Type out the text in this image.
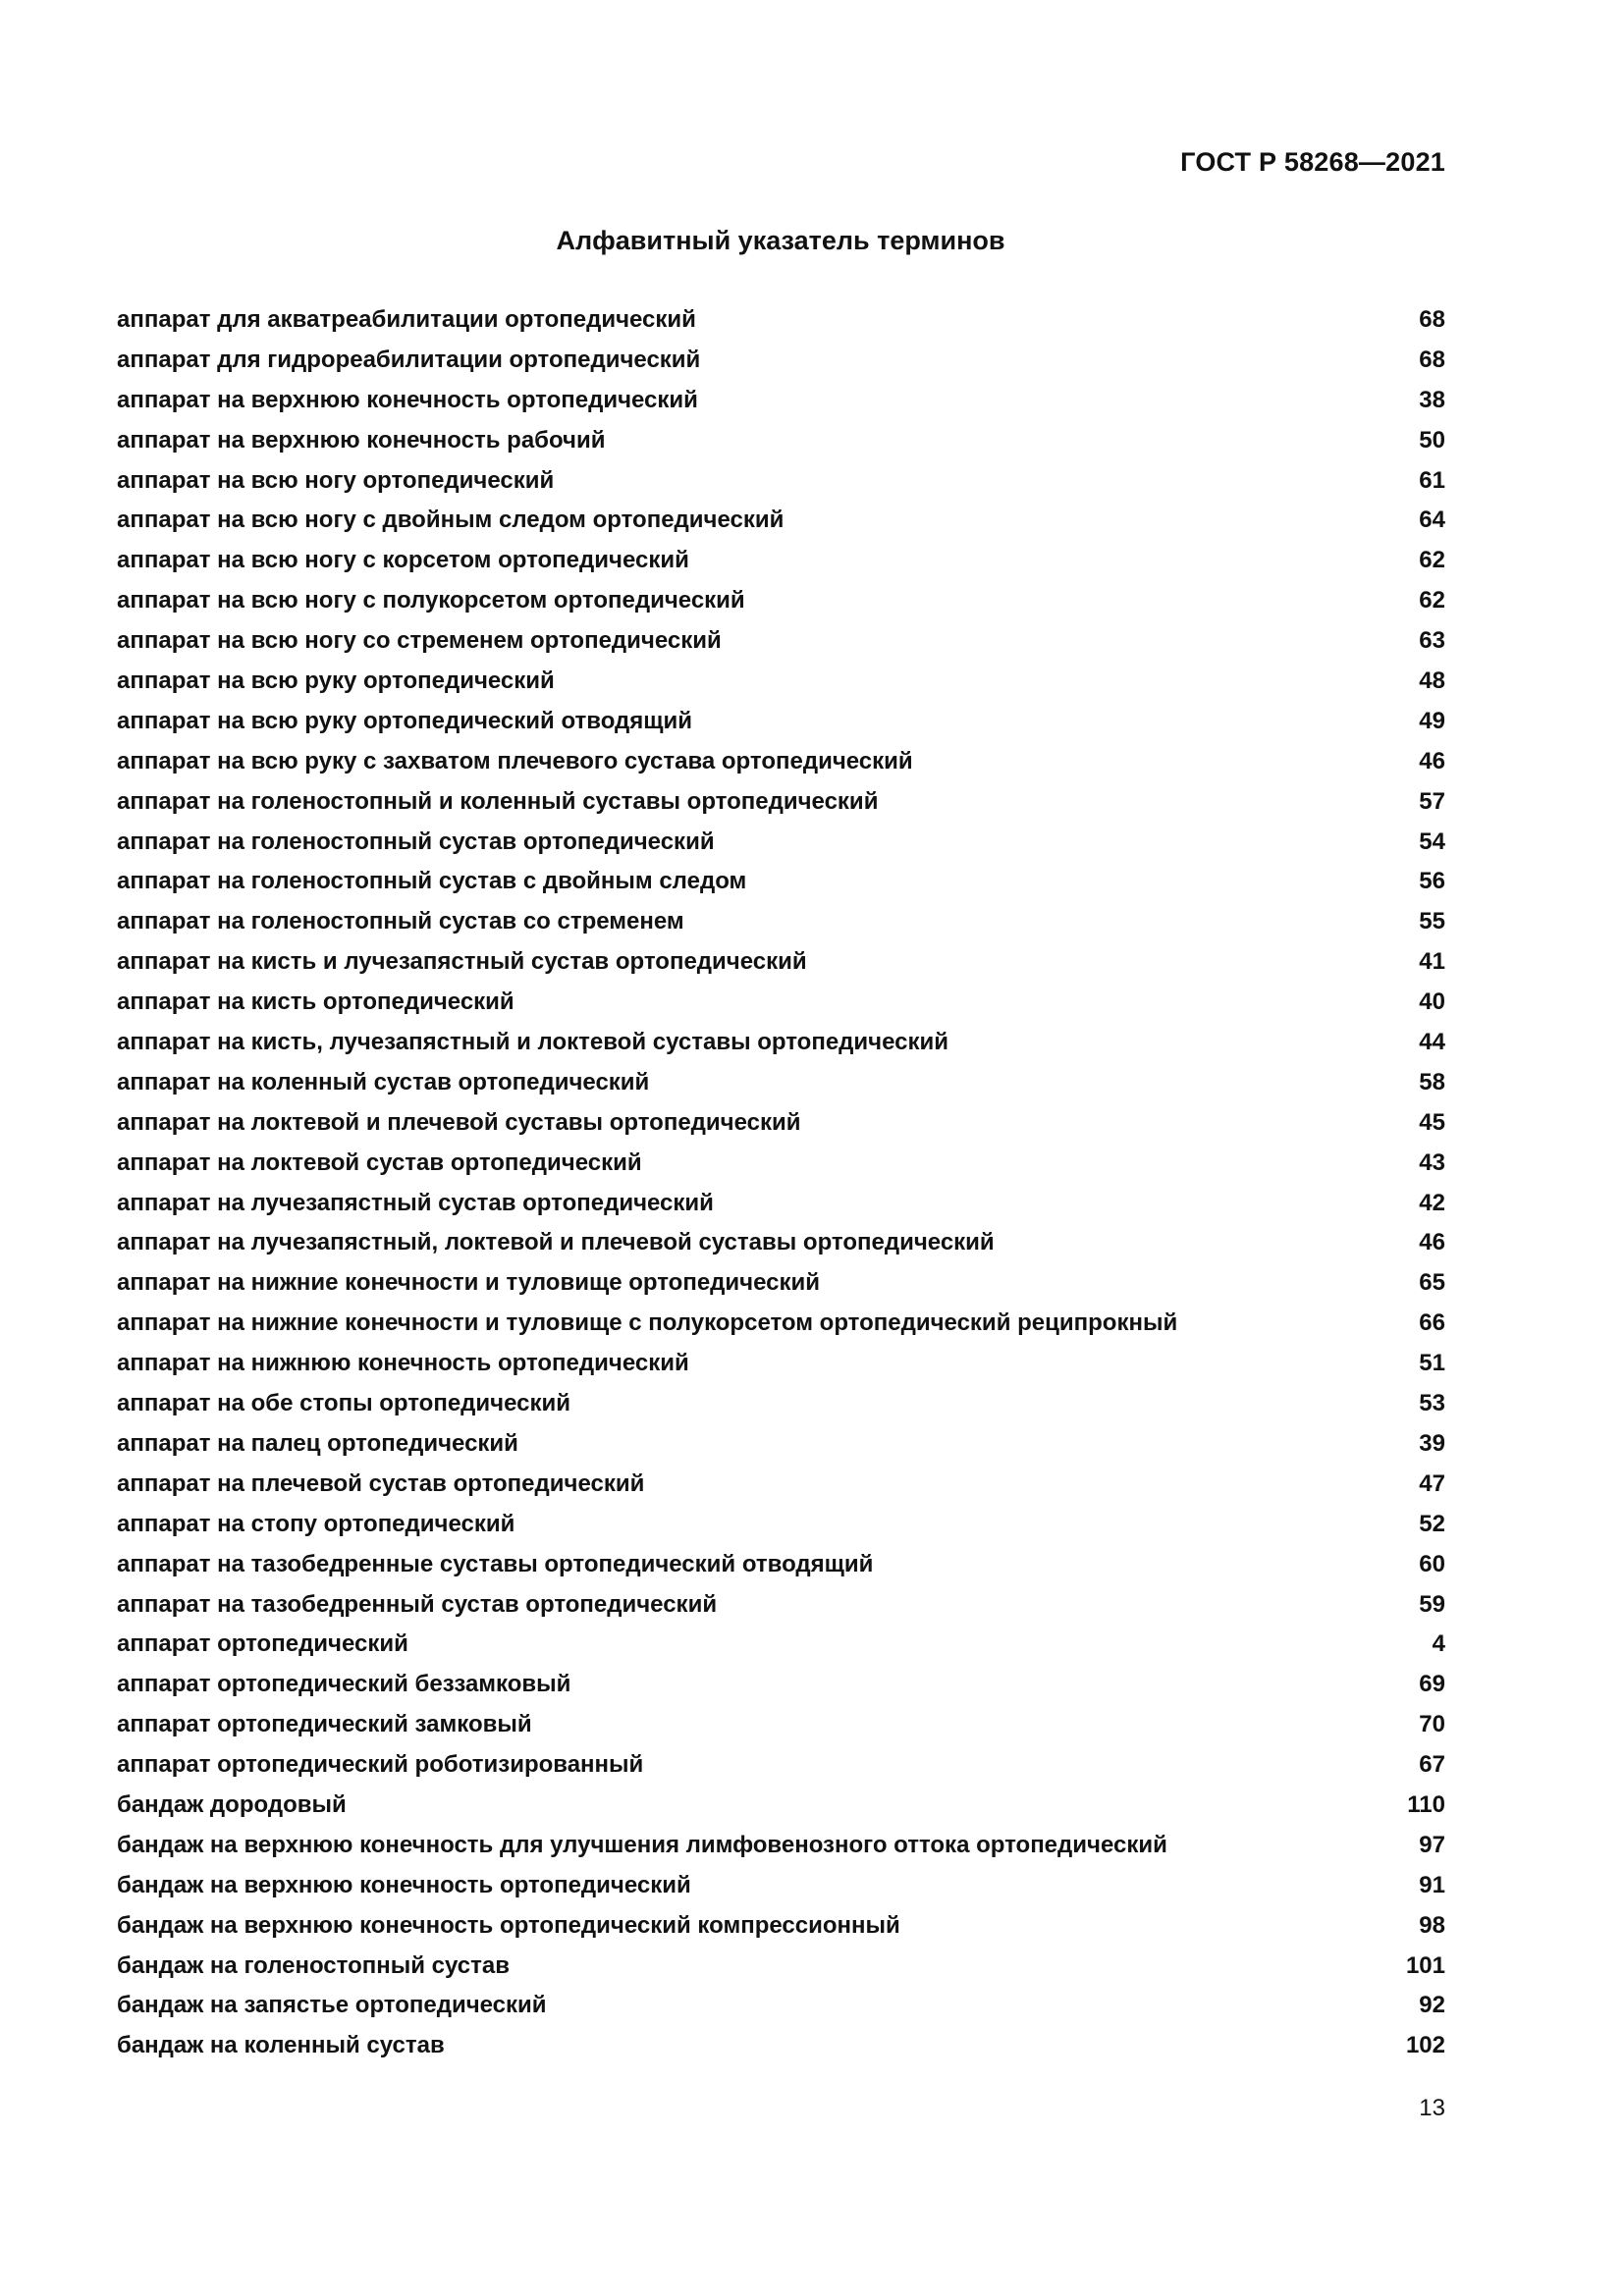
ГОСТ Р 58268—2021
Алфавитный указатель терминов
аппарат для акватреабилитации ортопедический	68
аппарат для гидрореабилитации ортопедический	68
аппарат на верхнюю конечность ортопедический	38
аппарат на верхнюю конечность рабочий	50
аппарат на всю ногу ортопедический	61
аппарат на всю ногу с двойным следом ортопедический	64
аппарат на всю ногу с корсетом ортопедический	62
аппарат на всю ногу с полукорсетом ортопедический	62
аппарат на всю ногу со стременем ортопедический	63
аппарат на всю руку ортопедический	48
аппарат на всю руку ортопедический отводящий	49
аппарат на всю руку с захватом плечевого сустава ортопедический	46
аппарат на голеностопный и коленный суставы ортопедический	57
аппарат на голеностопный сустав ортопедический	54
аппарат на голеностопный сустав с двойным следом	56
аппарат на голеностопный сустав со стременем	55
аппарат на кисть и лучезапястный сустав ортопедический	41
аппарат на кисть ортопедический	40
аппарат на кисть, лучезапястный и локтевой суставы ортопедический	44
аппарат на коленный сустав ортопедический	58
аппарат на локтевой и плечевой суставы ортопедический	45
аппарат на локтевой сустав ортопедический	43
аппарат на лучезапястный сустав ортопедический	42
аппарат на лучезапястный, локтевой и плечевой суставы ортопедический	46
аппарат на нижние конечности и туловище ортопедический	65
аппарат на нижние конечности и туловище с полукорсетом ортопедический реципрокный	66
аппарат на нижнюю конечность ортопедический	51
аппарат на обе стопы ортопедический	53
аппарат на палец ортопедический	39
аппарат на плечевой сустав ортопедический	47
аппарат на стопу ортопедический	52
аппарат на тазобедренные суставы ортопедический отводящий	60
аппарат на тазобедренный сустав ортопедический	59
аппарат ортопедический	4
аппарат ортопедический беззамковый	69
аппарат ортопедический замковый	70
аппарат ортопедический роботизированный	67
бандаж дородовый	110
бандаж на верхнюю конечность для улучшения лимфовенозного оттока ортопедический	97
бандаж на верхнюю конечность ортопедический	91
бандаж на верхнюю конечность ортопедический компрессионный	98
бандаж на голеностопный сустав	101
бандаж на запястье ортопедический	92
бандаж на коленный сустав	102
13
